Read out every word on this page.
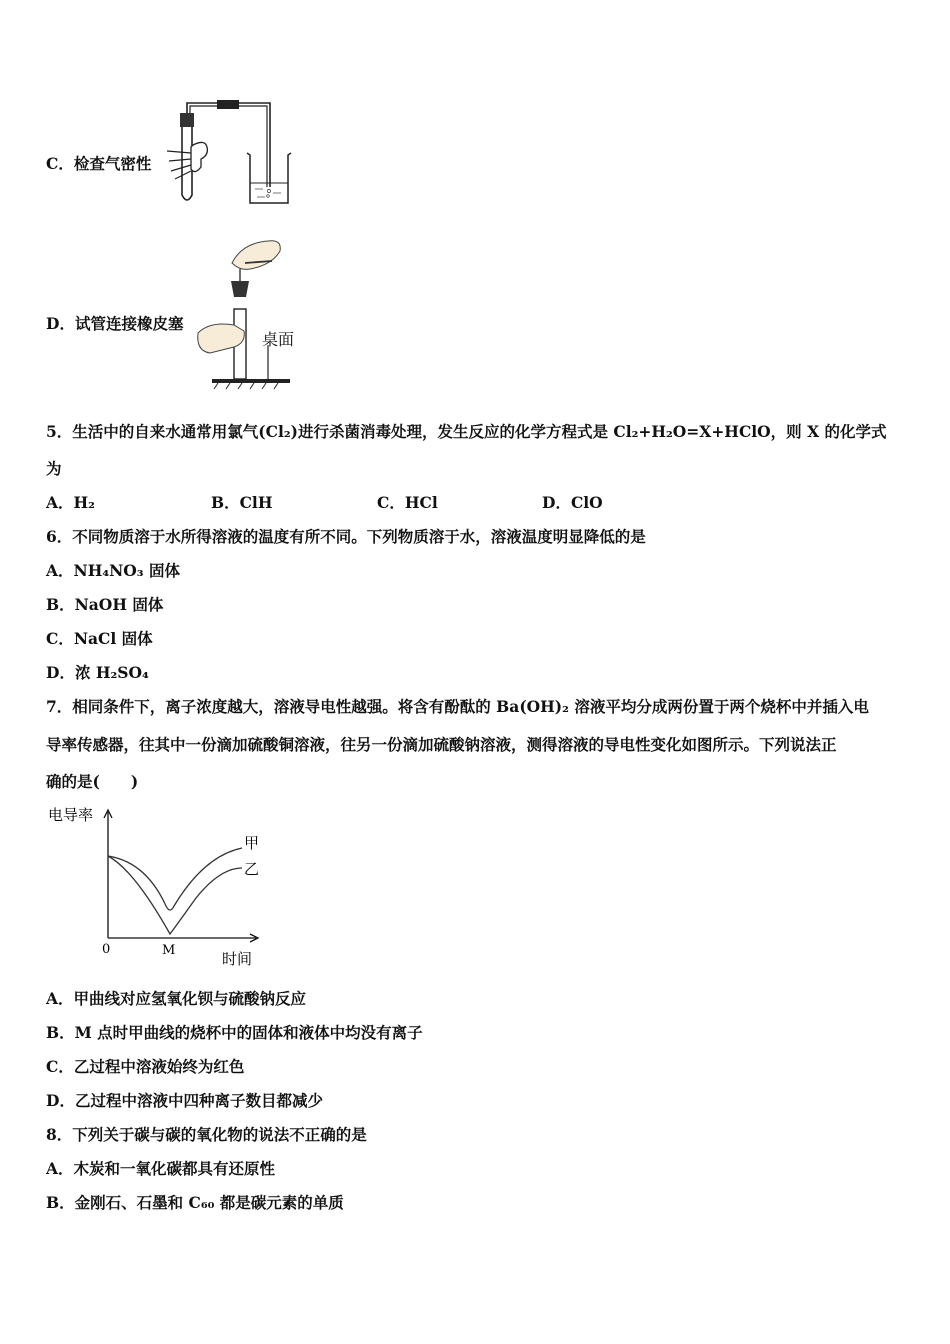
C．检查气密性
D．试管连接橡皮塞
桌面
5．生活中的自来水通常用氯气(Cl₂)进行杀菌消毒处理，发生反应的化学方程式是 Cl₂+H₂O=X+HClO，则 X 的化学式
为
A．H₂	B．ClH	C．HCl	D．ClO
6．不同物质溶于水所得溶液的温度有所不同。下列物质溶于水，溶液温度明显降低的是
A．NH₄NO₃ 固体
B．NaOH 固体
C．NaCl 固体
D．浓 H₂SO₄
7．相同条件下，离子浓度越大，溶液导电性越强。将含有酚酞的 Ba(OH)₂ 溶液平均分成两份置于两个烧杯中并插入电
导率传感器，往其中一份滴加硫酸铜溶液，往另一份滴加硫酸钠溶液，测得溶液的导电性变化如图所示。下列说法正
确的是(　　)
电导率
时间
0	M
甲
乙
A．甲曲线对应氢氧化钡与硫酸钠反应
B．M 点时甲曲线的烧杯中的固体和液体中均没有离子
C．乙过程中溶液始终为红色
D．乙过程中溶液中四种离子数目都减少
8．下列关于碳与碳的氧化物的说法不正确的是
A．木炭和一氧化碳都具有还原性
B．金刚石、石墨和 C₆₀ 都是碳元素的单质
